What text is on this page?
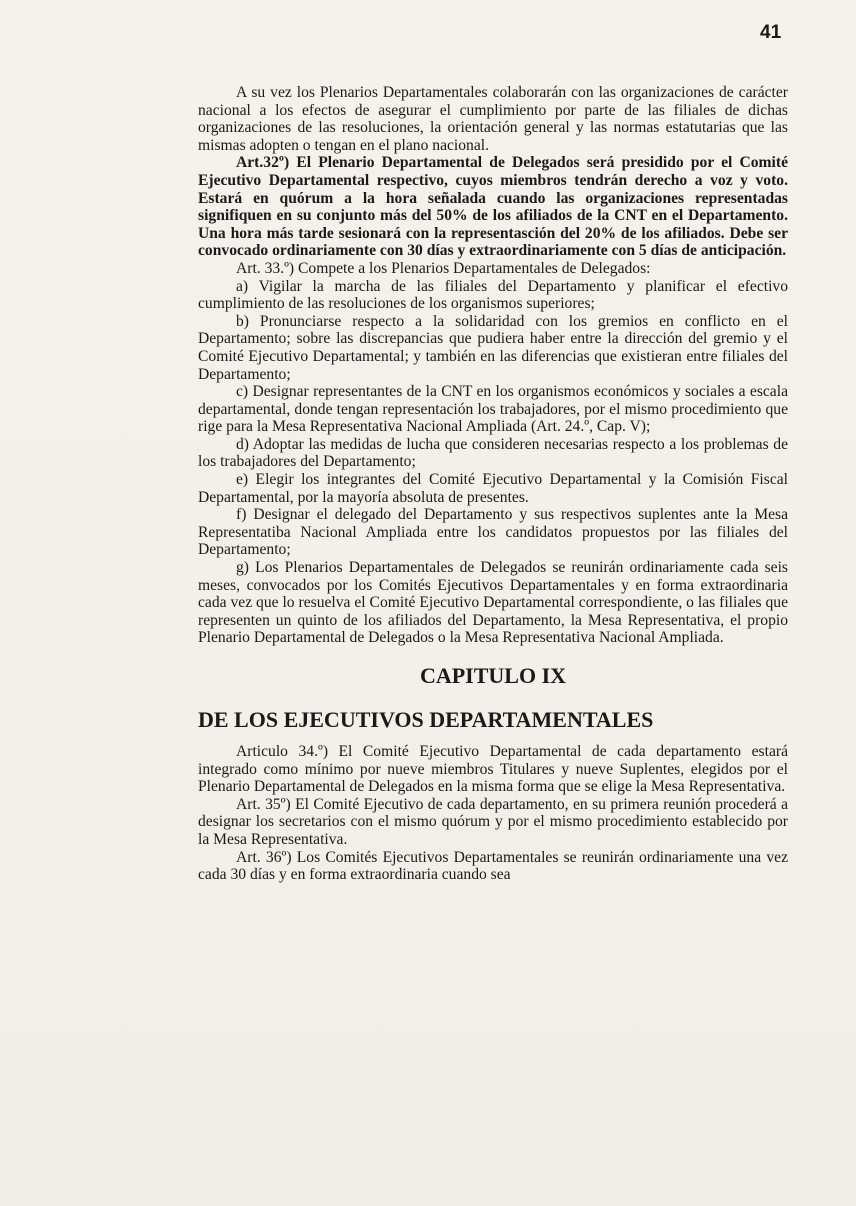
41

A su vez los Plenarios Departamentales colaborarán con las organizaciones de carácter nacional a los efectos de asegurar el cumplimiento por parte de las filiales de dichas organizaciones de las resoluciones, la orientación general y las normas estatutarias que las mismas adopten o tengan en el plano nacional.

Art.32º) El Plenario Departamental de Delegados será presidido por el Comité Ejecutivo Departamental respectivo, cuyos miembros tendrán derecho a voz y voto. Estará en quórum a la hora señalada cuando las organizaciones representadas signifiquen en su conjunto más del 50% de los afiliados de la CNT en el Departamento. Una hora más tarde sesionará con la representasción del 20% de los afiliados. Debe ser convocado ordinariamente con 30 días y extraordinariamente con 5 días de anticipación.

Art. 33.º) Compete a los Plenarios Departamentales de Delegados:

a) Vigilar la marcha de las filiales del Departamento y planificar el efectivo cumplimiento de las resoluciones de los organismos superiores;

b) Pronunciarse respecto a la solidaridad con los gremios en conflicto en el Departamento; sobre las discrepancias que pudiera haber entre la dirección del gremio y el Comité Ejecutivo Departamental; y también en las diferencias que existieran entre filiales del Departamento;

c) Designar representantes de la CNT en los organismos económicos y sociales a escala departamental, donde tengan representación los trabajadores, por el mismo procedimiento que rige para la Mesa Representativa Nacional Ampliada (Art. 24.º, Cap. V);

d) Adoptar las medidas de lucha que consideren necesarias respecto a los problemas de los trabajadores del Departamento;

e) Elegir los integrantes del Comité Ejecutivo Departamental y la Comisión Fiscal Departamental, por la mayoría absoluta de presentes.

f) Designar el delegado del Departamento y sus respectivos suplentes ante la Mesa Representatiba Nacional Ampliada entre los candidatos propuestos por las filiales del Departamento;

g) Los Plenarios Departamentales de Delegados se reunirán ordinariamente cada seis meses, convocados por los Comités Ejecutivos Departamentales y en forma extraordinaria cada vez que lo resuelva el Comité Ejecutivo Departamental correspondiente, o las filiales que representen un quinto de los afiliados del Departamento, la Mesa Representativa, el propio Plenario Departamental de Delegados o la Mesa Representativa Nacional Ampliada.

CAPITULO IX
DE LOS EJECUTIVOS DEPARTAMENTALES

Articulo 34.º) El Comité Ejecutivo Departamental de cada departamento estará integrado como mínimo por nueve miembros Titulares y nueve Suplentes, elegidos por el Plenario Departamental de Delegados en la misma forma que se elige la Mesa Representativa.

Art. 35º) El Comité Ejecutivo de cada departamento, en su primera reunión procederá a designar los secretarios con el mismo quórum y por el mismo procedimiento establecido por la Mesa Representativa.

Art. 36º) Los Comités Ejecutivos Departamentales se reunirán ordinariamente una vez cada 30 días y en forma extraordinaria cuando sea
